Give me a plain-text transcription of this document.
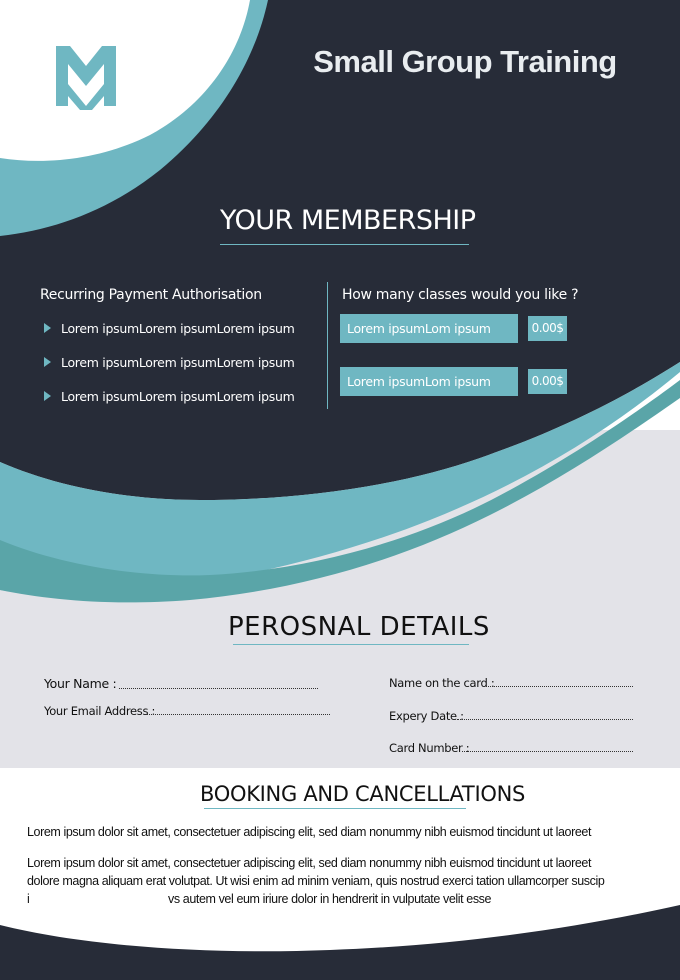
Small Group Training
YOUR MEMBERSHIP
Recurring Payment Authorisation
Lorem ipsumLorem ipsumLorem ipsum
Lorem ipsumLorem ipsumLorem ipsum
Lorem ipsumLorem ipsumLorem ipsum
How many classes would you like ?
Lorem ipsumLom ipsum	0.00$
Lorem ipsumLom ipsum	0.00$
PEROSNAL DETAILS
Your Name :
Your Email Address :
Name on the card :
Expery Date :
Card Number :
BOOKING AND CANCELLATIONS
Lorem ipsum dolor sit amet, consectetuer adipiscing elit, sed diam nonummy nibh euismod tincidunt ut laoreet
Lorem ipsum dolor sit amet, consectetuer adipiscing elit, sed diam nonummy nibh euismod tincidunt ut laoreet
dolore magna aliquam erat volutpat. Ut wisi enim ad minim veniam, quis nostrud exerci tation ullamcorper suscip
i	vs autem vel eum iriure dolor in hendrerit in vulputate velit esse
